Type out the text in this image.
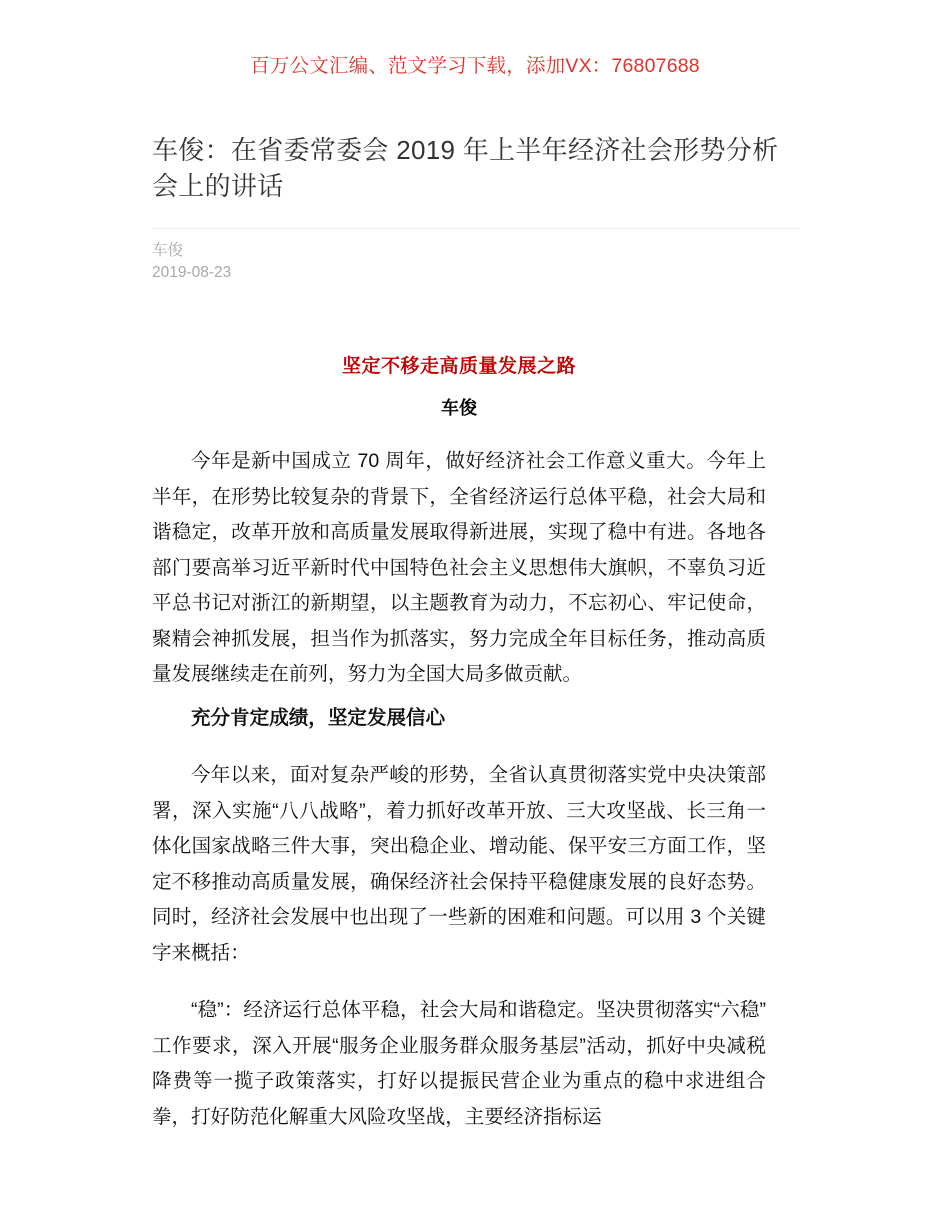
百万公文汇编、范文学习下载，添加VX：76807688
车俊：在省委常委会 2019 年上半年经济社会形势分析会上的讲话
车俊
2019-08-23

坚定不移走高质量发展之路

车俊

今年是新中国成立 70 周年，做好经济社会工作意义重大。今年上半年，在形势比较复杂的背景下，全省经济运行总体平稳，社会大局和谐稳定，改革开放和高质量发展取得新进展，实现了稳中有进。各地各部门要高举习近平新时代中国特色社会主义思想伟大旗帜，不辜负习近平总书记对浙江的新期望，以主题教育为动力，不忘初心、牢记使命，聚精会神抓发展，担当作为抓落实，努力完成全年目标任务，推动高质量发展继续走在前列，努力为全国大局多做贡献。

充分肯定成绩，坚定发展信心

今年以来，面对复杂严峻的形势，全省认真贯彻落实党中央决策部署，深入实施“八八战略”，着力抓好改革开放、三大攻坚战、长三角一体化国家战略三件大事，突出稳企业、增动能、保平安三方面工作，坚定不移推动高质量发展，确保经济社会保持平稳健康发展的良好态势。同时，经济社会发展中也出现了一些新的困难和问题。可以用 3 个关键字来概括：

“稳”：经济运行总体平稳，社会大局和谐稳定。坚决贯彻落实“六稳”工作要求，深入开展“服务企业服务群众服务基层”活动，抓好中央减税降费等一揽子政策落实，打好以提振民营企业为重点的稳中求进组合拳，打好防范化解重大风险攻坚战，主要经济指标运
